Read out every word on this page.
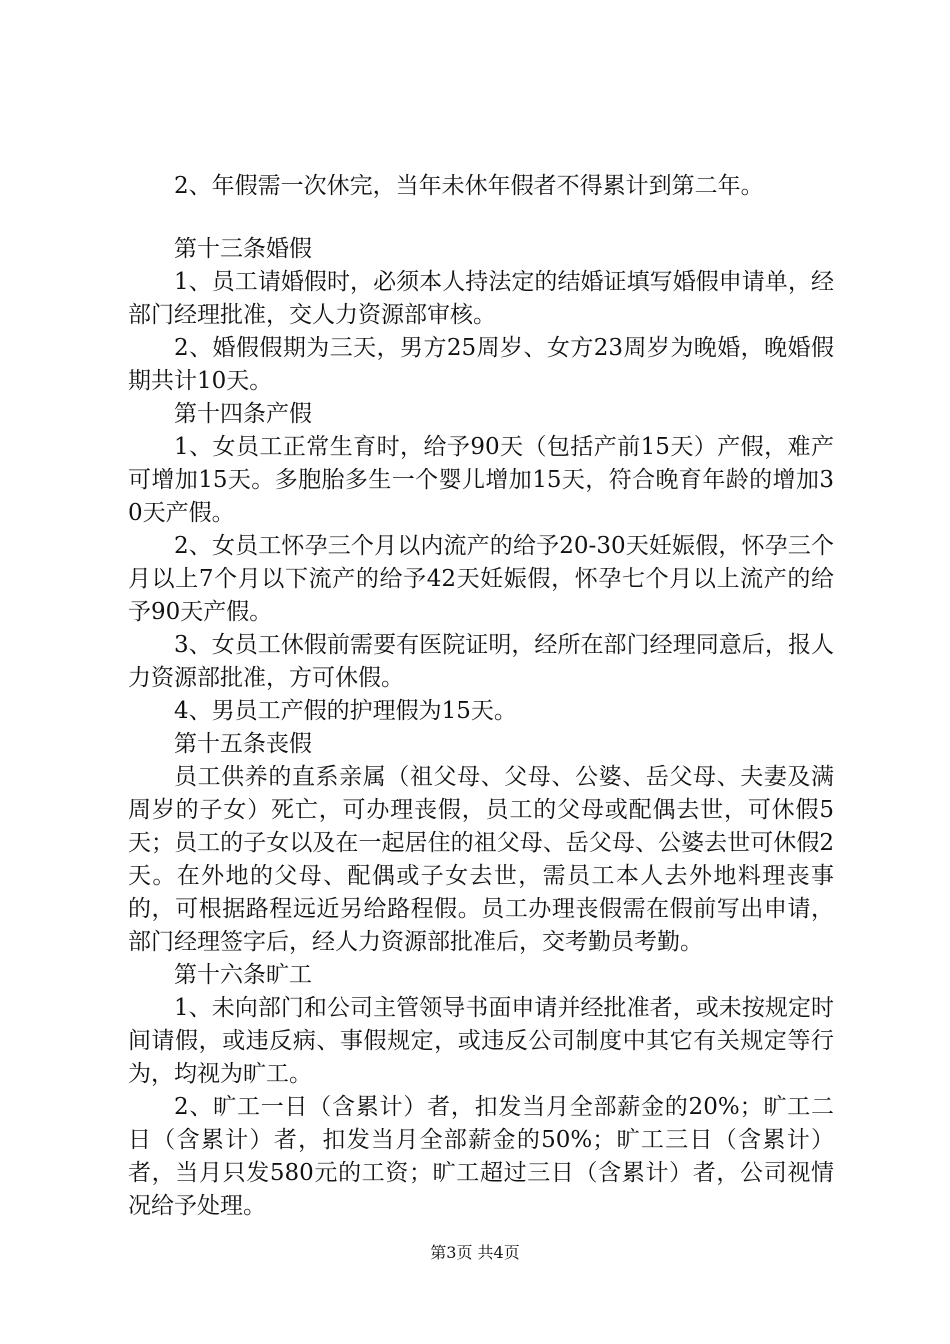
2、年假需一次休完，当年未休年假者不得累计到第二年。

第十三条婚假

1、员工请婚假时，必须本人持法定的结婚证填写婚假申请单，经部门经理批准，交人力资源部审核。

2、婚假假期为三天，男方25周岁、女方23周岁为晚婚，晚婚假期共计10天。

第十四条产假

1、女员工正常生育时，给予90天（包括产前15天）产假，难产可增加15天。多胞胎多生一个婴儿增加15天，符合晚育年龄的增加30天产假。

2、女员工怀孕三个月以内流产的给予20-30天妊娠假，怀孕三个月以上7个月以下流产的给予42天妊娠假，怀孕七个月以上流产的给予90天产假。

3、女员工休假前需要有医院证明，经所在部门经理同意后，报人力资源部批准，方可休假。

4、男员工产假的护理假为15天。

第十五条丧假

员工供养的直系亲属（祖父母、父母、公婆、岳父母、夫妻及满周岁的子女）死亡，可办理丧假，员工的父母或配偶去世，可休假5天；员工的子女以及在一起居住的祖父母、岳父母、公婆去世可休假2天。在外地的父母、配偶或子女去世，需员工本人去外地料理丧事的，可根据路程远近另给路程假。员工办理丧假需在假前写出申请，部门经理签字后，经人力资源部批准后，交考勤员考勤。

第十六条旷工

1、未向部门和公司主管领导书面申请并经批准者，或未按规定时间请假，或违反病、事假规定，或违反公司制度中其它有关规定等行为，均视为旷工。

2、旷工一日（含累计）者，扣发当月全部薪金的20%；旷工二日（含累计）者，扣发当月全部薪金的50%；旷工三日（含累计）者，当月只发580元的工资；旷工超过三日（含累计）者，公司视情况给予处理。

第3页 共4页
